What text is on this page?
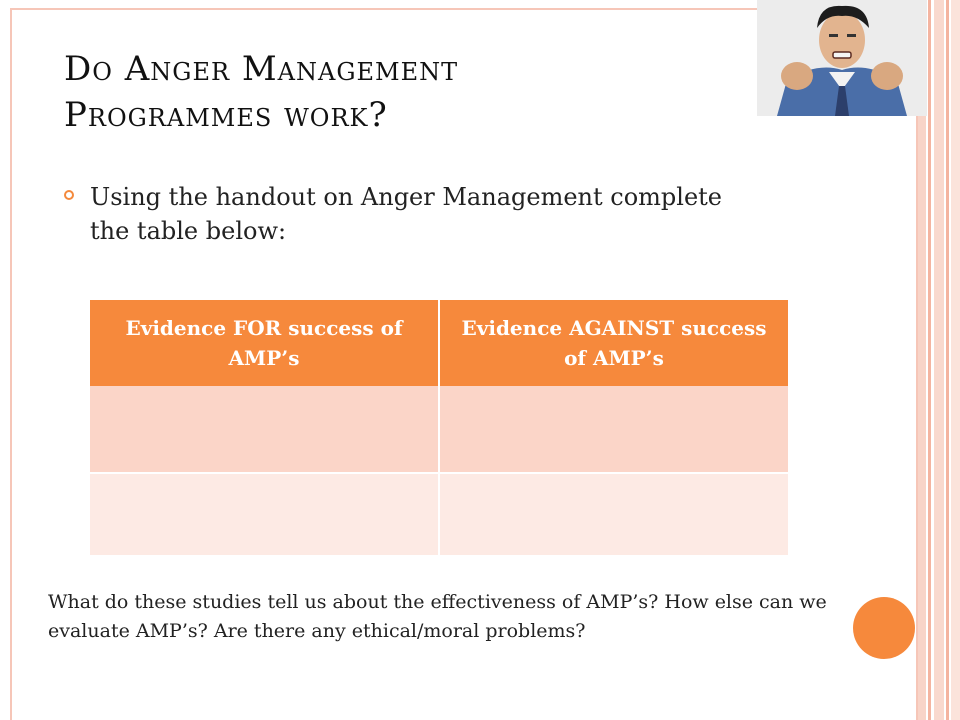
Do Anger Management
Programmes work?
Using the handout on Anger Management complete the table below:
Evidence FOR success of AMP’s	Evidence AGAINST success of AMP’s

What do these studies tell us about the effectiveness of AMP’s? How else can we evaluate AMP’s? Are there any ethical/moral problems?
